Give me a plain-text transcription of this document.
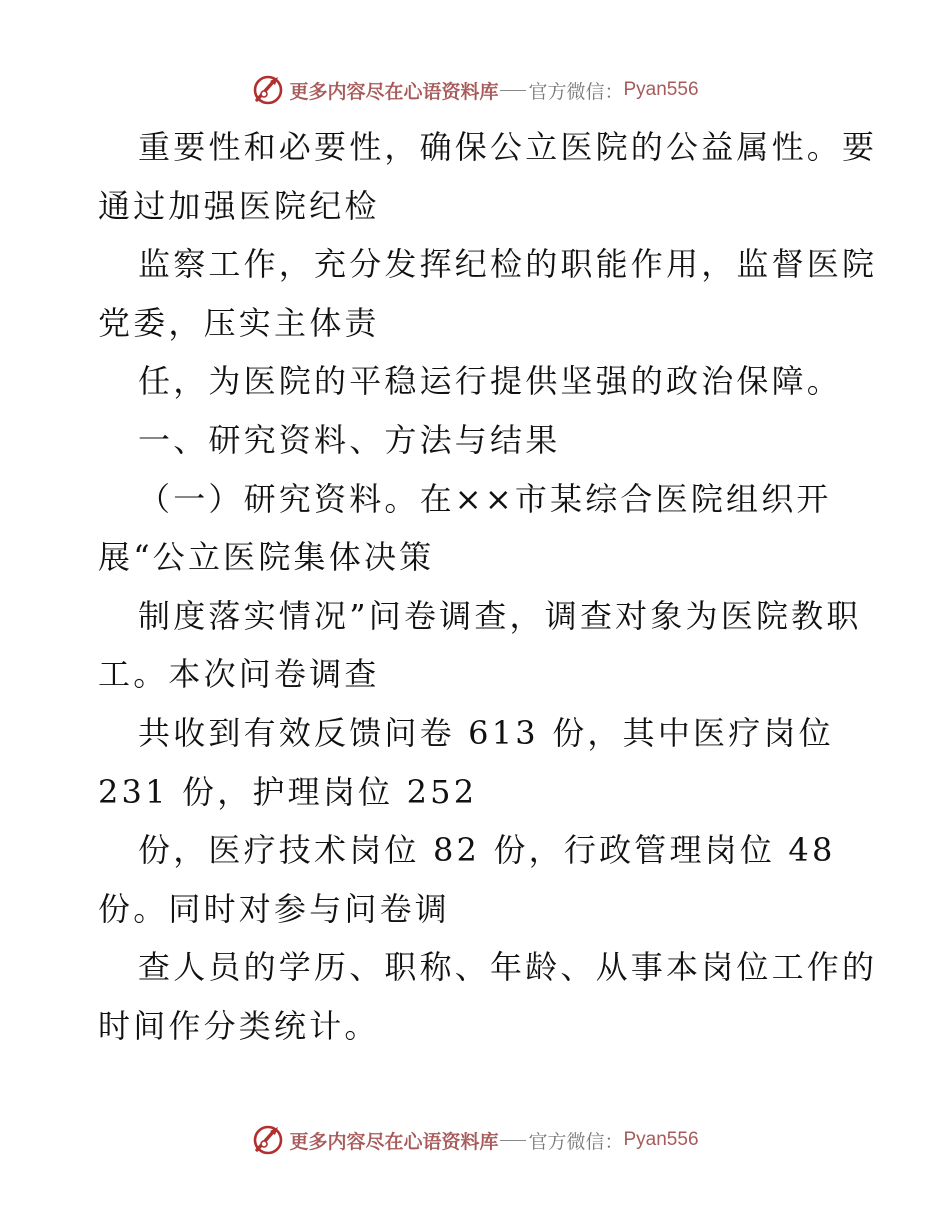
更多内容尽在心语资料库 官方微信： Pyan556
重要性和必要性，确保公立医院的公益属性。要
通过加强医院纪检
监察工作，充分发挥纪检的职能作用，监督医院
党委，压实主体责
任，为医院的平稳运行提供坚强的政治保障。
一、研究资料、方法与结果
（一）研究资料。在××市某综合医院组织开
展“公立医院集体决策
制度落实情况”问卷调查，调查对象为医院教职
工。本次问卷调查
共收到有效反馈问卷 613 份，其中医疗岗位
231 份，护理岗位 252
份，医疗技术岗位 82 份，行政管理岗位 48
份。同时对参与问卷调
查人员的学历、职称、年龄、从事本岗位工作的
时间作分类统计。
更多内容尽在心语资料库 官方微信： Pyan556
